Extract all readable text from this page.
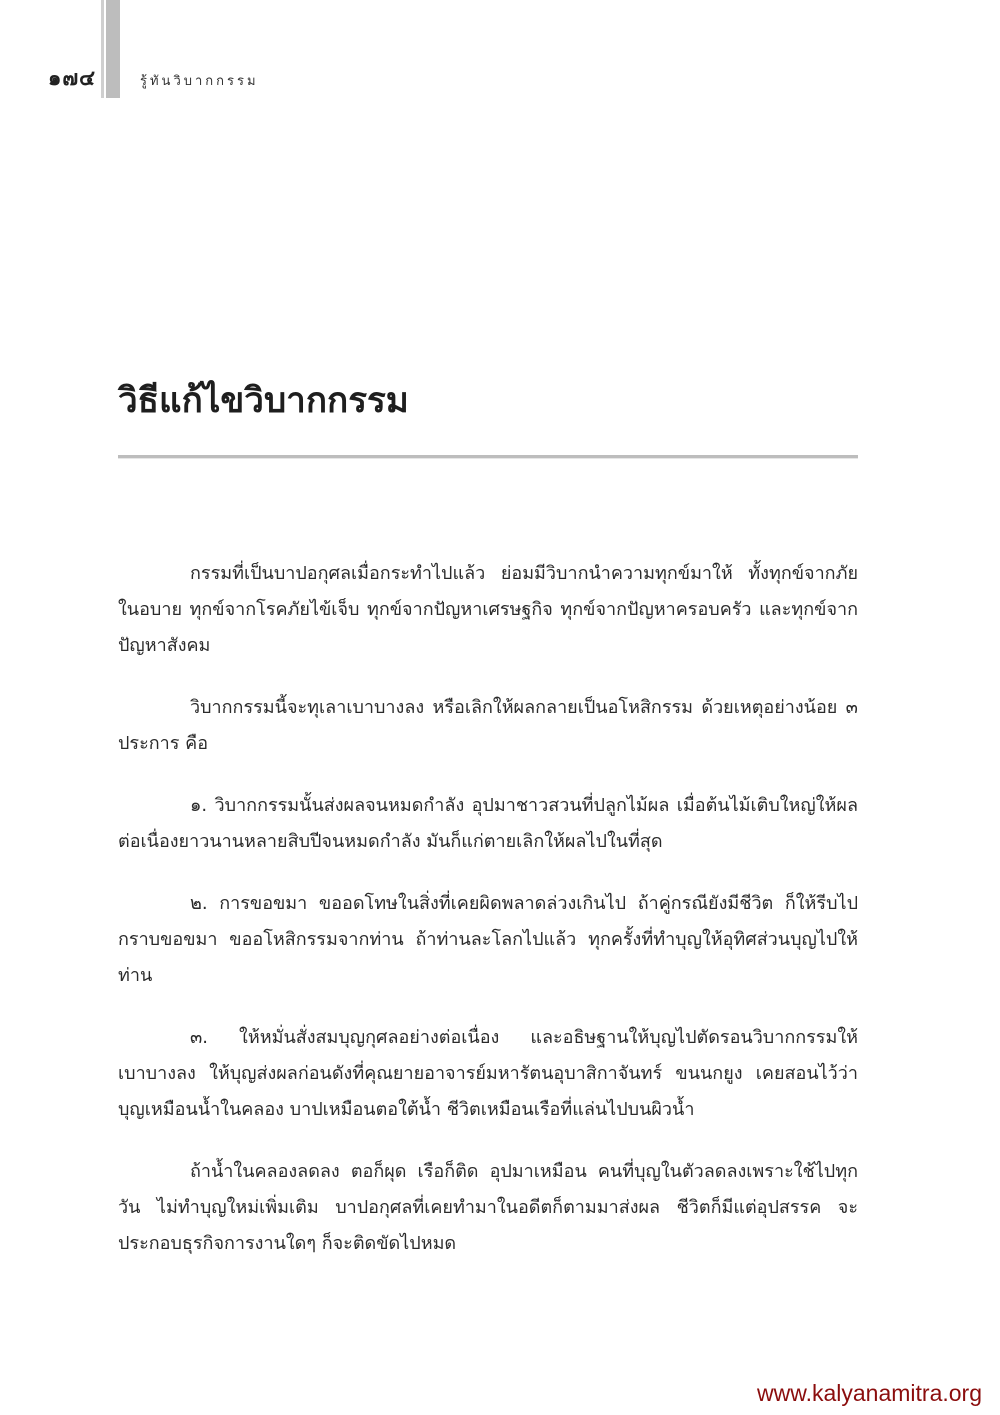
๑๗๔	รู้ทันวิบากกรรม
วิธีแก้ไขวิบากกรรม

กรรมที่เป็นบาปอกุศลเมื่อกระทำไปแล้ว ย่อมมีวิบากนำความทุกข์มาให้ ทั้งทุกข์จากภัยในอบาย ทุกข์จากโรคภัยไข้เจ็บ ทุกข์จากปัญหาเศรษฐกิจ ทุกข์จากปัญหาครอบครัว และทุกข์จากปัญหาสังคม

วิบากกรรมนี้จะทุเลาเบาบางลง หรือเลิกให้ผลกลายเป็นอโหสิกรรม ด้วยเหตุอย่างน้อย ๓ ประการ คือ

๑. วิบากกรรมนั้นส่งผลจนหมดกำลัง อุปมาชาวสวนที่ปลูกไม้ผล เมื่อต้นไม้เติบใหญ่ให้ผลต่อเนื่องยาวนานหลายสิบปีจนหมดกำลัง มันก็แก่ตายเลิกให้ผลไปในที่สุด

๒. การขอขมา ขออดโทษในสิ่งที่เคยผิดพลาดล่วงเกินไป ถ้าคู่กรณียังมีชีวิต ก็ให้รีบไปกราบขอขมา ขออโหสิกรรมจากท่าน ถ้าท่านละโลกไปแล้ว ทุกครั้งที่ทำบุญให้อุทิศส่วนบุญไปให้ท่าน

๓. ให้หมั่นสั่งสมบุญกุศลอย่างต่อเนื่อง และอธิษฐานให้บุญไปตัดรอนวิบากกรรมให้เบาบางลง ให้บุญส่งผลก่อนดังที่คุณยายอาจารย์มหารัตนอุบาสิกาจันทร์ ขนนกยูง เคยสอนไว้ว่า บุญเหมือนน้ำในคลอง บาปเหมือนตอใต้น้ำ ชีวิตเหมือนเรือที่แล่นไปบนผิวน้ำ

ถ้าน้ำในคลองลดลง ตอก็ผุด เรือก็ติด อุปมาเหมือน คนที่บุญในตัวลดลงเพราะใช้ไปทุกวัน ไม่ทำบุญใหม่เพิ่มเติม บาปอกุศลที่เคยทำมาในอดีตก็ตามมาส่งผล ชีวิตก็มีแต่อุปสรรค จะประกอบธุรกิจการงานใดๆ ก็จะติดขัดไปหมด

www.kalyanamitra.org
